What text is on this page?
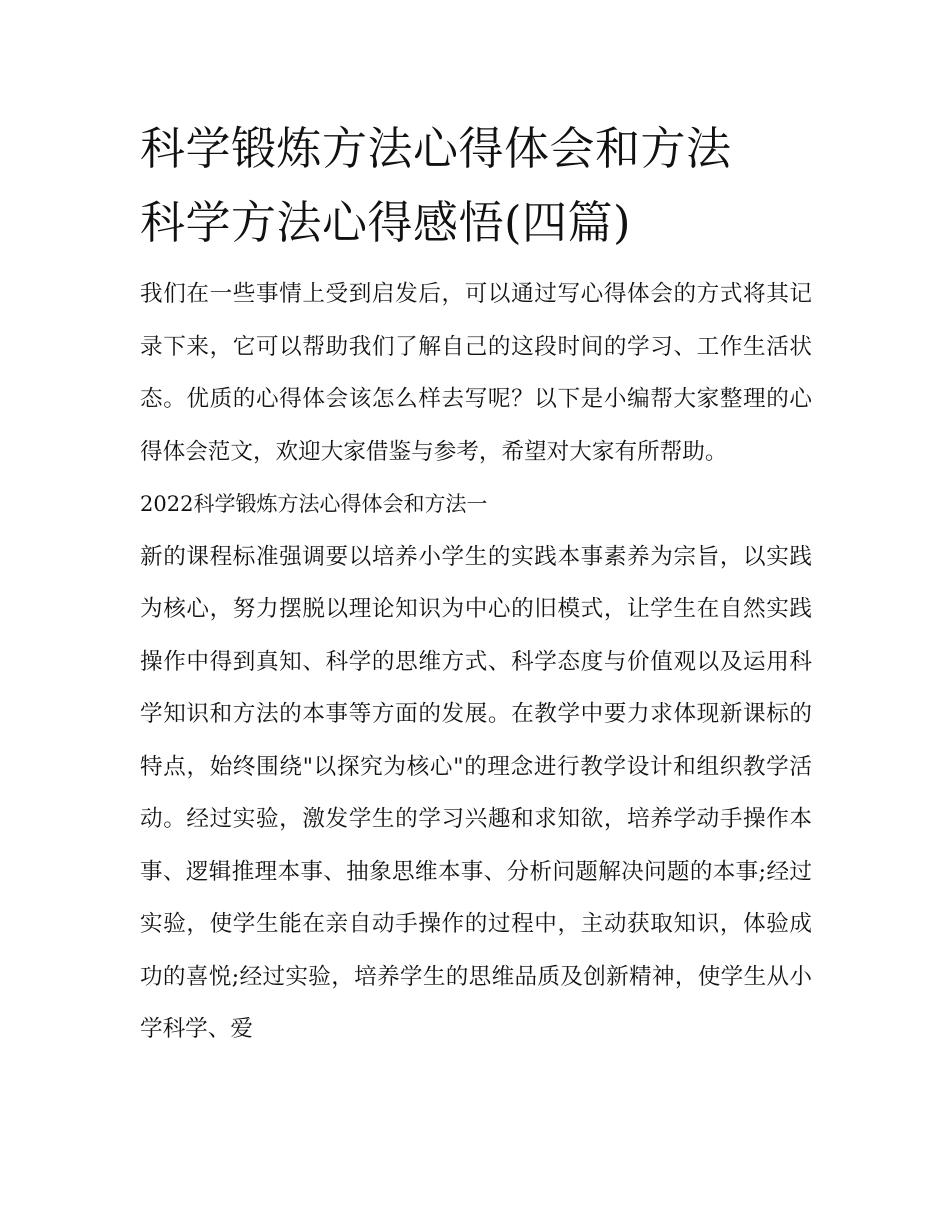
科学锻炼方法心得体会和方法
科学方法心得感悟(四篇)

我们在一些事情上受到启发后，可以通过写心得体会的方式将其记录下来，它可以帮助我们了解自己的这段时间的学习、工作生活状态。优质的心得体会该怎么样去写呢？以下是小编帮大家整理的心得体会范文，欢迎大家借鉴与参考，希望对大家有所帮助。

2022科学锻炼方法心得体会和方法一

新的课程标准强调要以培养小学生的实践本事素养为宗旨，以实践为核心，努力摆脱以理论知识为中心的旧模式，让学生在自然实践操作中得到真知、科学的思维方式、科学态度与价值观以及运用科学知识和方法的本事等方面的发展。在教学中要力求体现新课标的特点，始终围绕"以探究为核心"的理念进行教学设计和组织教学活动。经过实验，激发学生的学习兴趣和求知欲，培养学动手操作本事、逻辑推理本事、抽象思维本事、分析问题解决问题的本事;经过实验，使学生能在亲自动手操作的过程中，主动获取知识，体验成功的喜悦;经过实验，培养学生的思维品质及创新精神，使学生从小学科学、爱
